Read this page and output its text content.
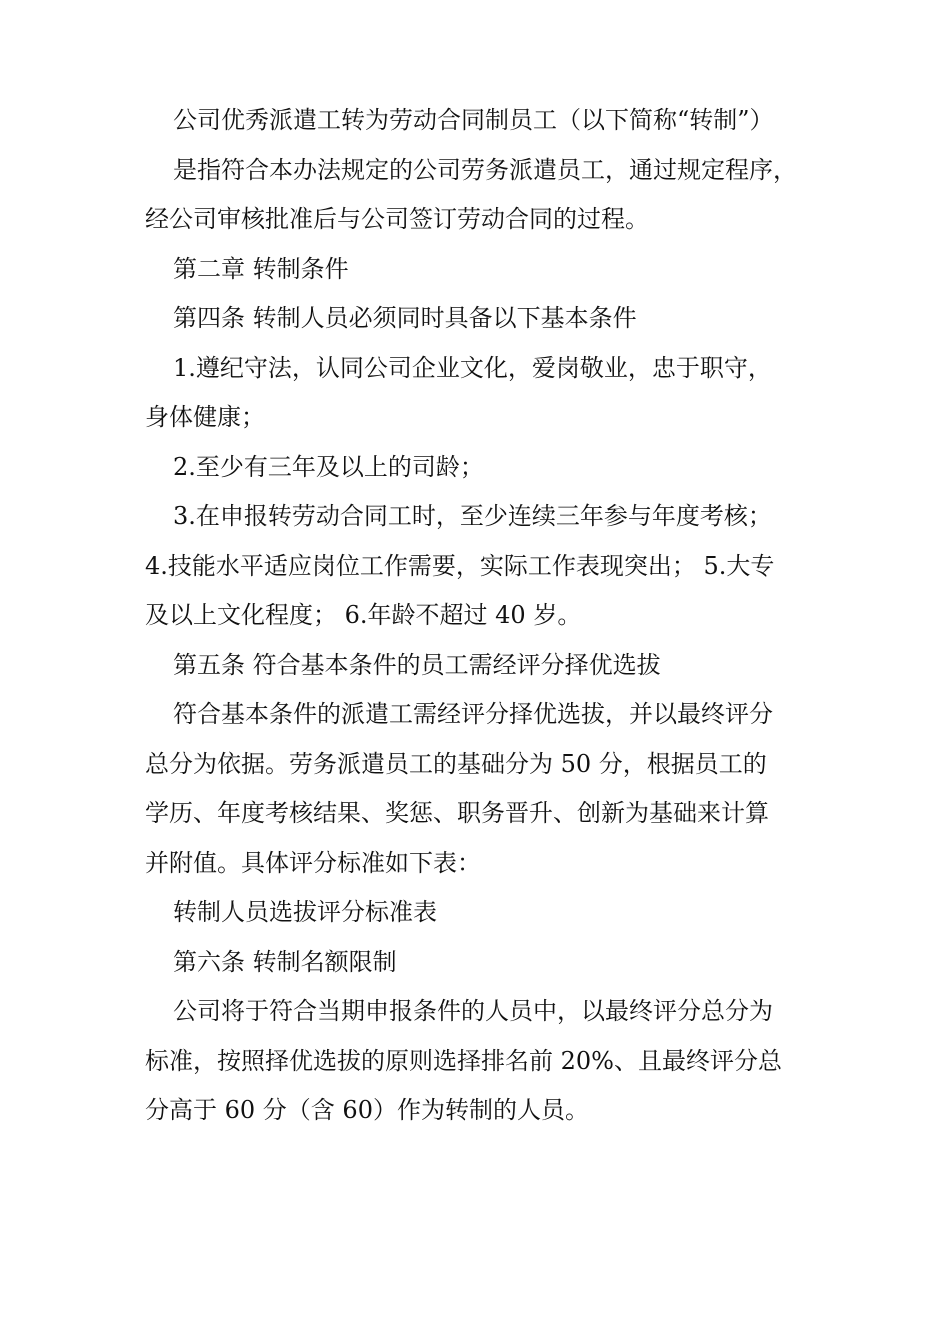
公司优秀派遣工转为劳动合同制员工（以下简称“转制”）
是指符合本办法规定的公司劳务派遣员工，通过规定程序，
经公司审核批准后与公司签订劳动合同的过程。
第二章 转制条件
第四条 转制人员必须同时具备以下基本条件
1.遵纪守法，认同公司企业文化，爱岗敬业，忠于职守，
身体健康；
2.至少有三年及以上的司龄；
3.在申报转劳动合同工时，至少连续三年参与年度考核；
4.技能水平适应岗位工作需要，实际工作表现突出； 5.大专
及以上文化程度； 6.年龄不超过 40 岁。
第五条 符合基本条件的员工需经评分择优选拔
符合基本条件的派遣工需经评分择优选拔，并以最终评分
总分为依据。劳务派遣员工的基础分为 50 分，根据员工的
学历、年度考核结果、奖惩、职务晋升、创新为基础来计算
并附值。具体评分标准如下表：
转制人员选拔评分标准表
第六条 转制名额限制
公司将于符合当期申报条件的人员中，以最终评分总分为
标准，按照择优选拔的原则选择排名前 20%、且最终评分总
分高于 60 分（含 60）作为转制的人员。
